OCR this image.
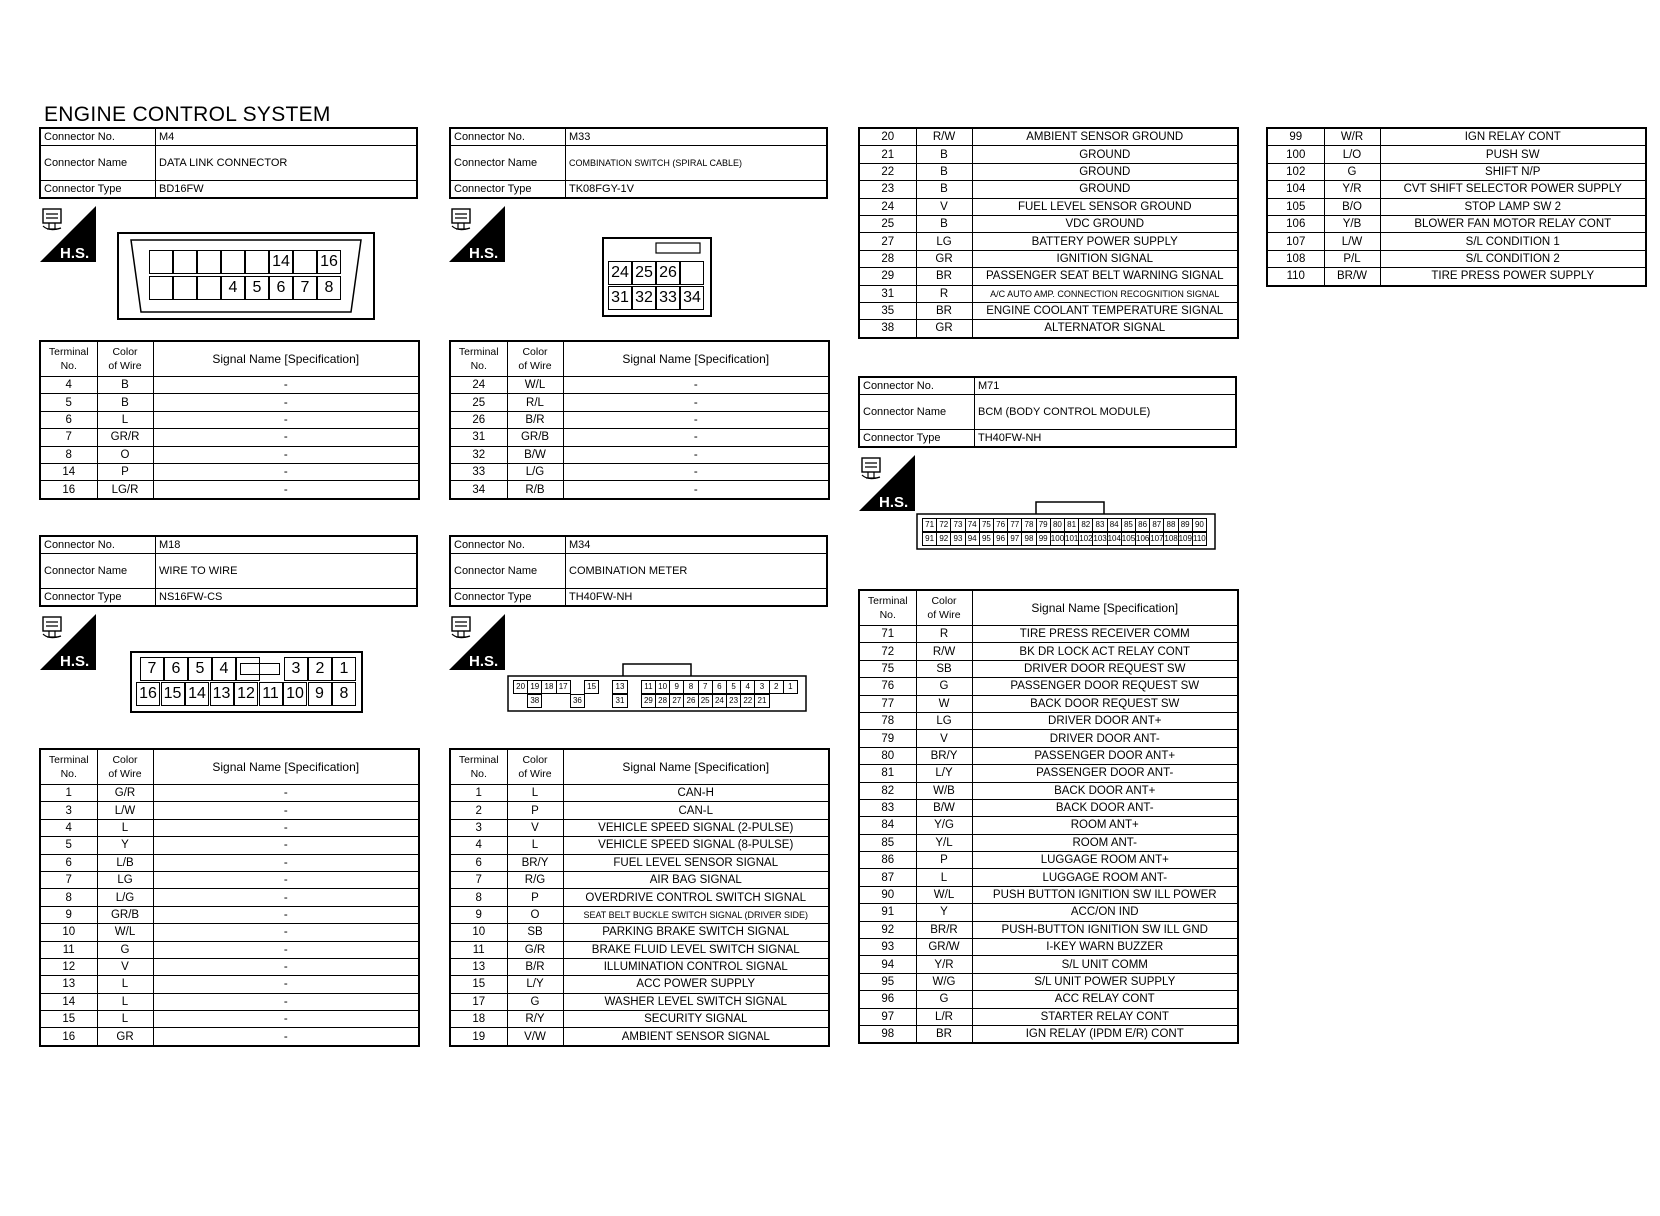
ENGINE CONTROL SYSTEM
Connector No.	M4
Connector Name	DATA LINK CONNECTOR
Connector Type	BD16FW
Connector No.	M33
Connector Name	COMBINATION SWITCH (SPIRAL CABLE)
Connector Type	TK08FGY-1V
Connector No.	M18
Connector Name	WIRE TO WIRE
Connector Type	NS16FW-CS
Connector No.	M34
Connector Name	COMBINATION METER
Connector Type	TH40FW-NH
Connector No.	M71
Connector Name	BCM (BODY CONTROL MODULE)
Connector Type	TH40FW-NH
H.S.	H.S.
H.S.	H.S.
H.S.
14 16
4 5 6 7 8
24 25 26
31 32 33 34
7 6 5 4	3 2 1
16 15 14 13 12 11 10 9 8	20 19 18 17	15	13	11 10 9	8	7	6	5	4	3	2	1
38	36	31	29 28 27 26 25 24 23 22 21
71 72 73 74 75 76 77 78 79 80 81 82 83 84 85 86 87 88 89 90
91 92 93 94 95 96 97 98 99 100 101 102 103 104 105 106 107 108 109 110
Terminal
No.	Color
of Wire	Signal Name [Specification]
4	B	-
5	B	-
6	L	-
7	GR/R	-
8	O	-
14	P	-
16	LG/R	-
Terminal
No.	Color
of Wire	Signal Name [Specification]
24	W/L	-
25	R/L	-
26	B/R	-
31	GR/B	-
32	B/W	-
33	L/G	-
34	R/B	-
Terminal
No.	Color
of Wire	Signal Name [Specification]
1	G/R	-
3	L/W	-
4	L	-
5	Y	-
6	L/B	-
7	LG	-
8	L/G	-
9	GR/B	-
10	W/L	-
11	G	-
12	V	-
13	L	-
14	L	-
15	L	-
16	GR	-
Terminal
No.	Color
of Wire	Signal Name [Specification]
1	L	CAN-H
2	P	CAN-L
3	V	VEHICLE SPEED SIGNAL (2-PULSE)
4	L	VEHICLE SPEED SIGNAL (8-PULSE)
6	BR/Y	FUEL LEVEL SENSOR SIGNAL
7	R/G	AIR BAG SIGNAL
8	P	OVERDRIVE CONTROL SWITCH SIGNAL
9	O	SEAT BELT BUCKLE SWITCH SIGNAL (DRIVER SIDE)
10	SB	PARKING BRAKE SWITCH SIGNAL
11	G/R	BRAKE FLUID LEVEL SWITCH SIGNAL
13	B/R	ILLUMINATION CONTROL SIGNAL
15	L/Y	ACC POWER SUPPLY
17	G	WASHER LEVEL SWITCH SIGNAL
18	R/Y	SECURITY SIGNAL
19	V/W	AMBIENT SENSOR SIGNAL
20	R/W	AMBIENT SENSOR GROUND
21	B	GROUND
22	B	GROUND
23	B	GROUND
24	V	FUEL LEVEL SENSOR GROUND
25	B	VDC GROUND
27	LG	BATTERY POWER SUPPLY
28	GR	IGNITION SIGNAL
29	BR	PASSENGER SEAT BELT WARNING SIGNAL
31	R	A/C AUTO AMP. CONNECTION RECOGNITION SIGNAL
35	BR	ENGINE COOLANT TEMPERATURE SIGNAL
38	GR	ALTERNATOR SIGNAL
Terminal
No.	Color
of Wire	Signal Name [Specification]
71	R	TIRE PRESS RECEIVER COMM
72	R/W	BK DR LOCK ACT RELAY CONT
75	SB	DRIVER DOOR REQUEST SW
76	G	PASSENGER DOOR REQUEST SW
77	W	BACK DOOR REQUEST SW
78	LG	DRIVER DOOR ANT+
79	V	DRIVER DOOR ANT-
80	BR/Y	PASSENGER DOOR ANT+
81	L/Y	PASSENGER DOOR ANT-
82	W/B	BACK DOOR ANT+
83	B/W	BACK DOOR ANT-
84	Y/G	ROOM ANT+
85	Y/L	ROOM ANT-
86	P	LUGGAGE ROOM ANT+
87	L	LUGGAGE ROOM ANT-
90	W/L	PUSH BUTTON IGNITION SW ILL POWER
91	Y	ACC/ON IND
92	BR/R	PUSH-BUTTON IGNITION SW ILL GND
93	GR/W	I-KEY WARN BUZZER
94	Y/R	S/L UNIT COMM
95	W/G	S/L UNIT POWER SUPPLY
96	G	ACC RELAY CONT
97	L/R	STARTER RELAY CONT
98	BR	IGN RELAY (IPDM E/R) CONT
99	W/R	IGN RELAY CONT
100	L/O	PUSH SW
102	G	SHIFT N/P
104	Y/R	CVT SHIFT SELECTOR POWER SUPPLY
105	B/O	STOP LAMP SW 2
106	Y/B	BLOWER FAN MOTOR RELAY CONT
107	L/W	S/L CONDITION 1
108	P/L	S/L CONDITION 2
110	BR/W	TIRE PRESS POWER SUPPLY
